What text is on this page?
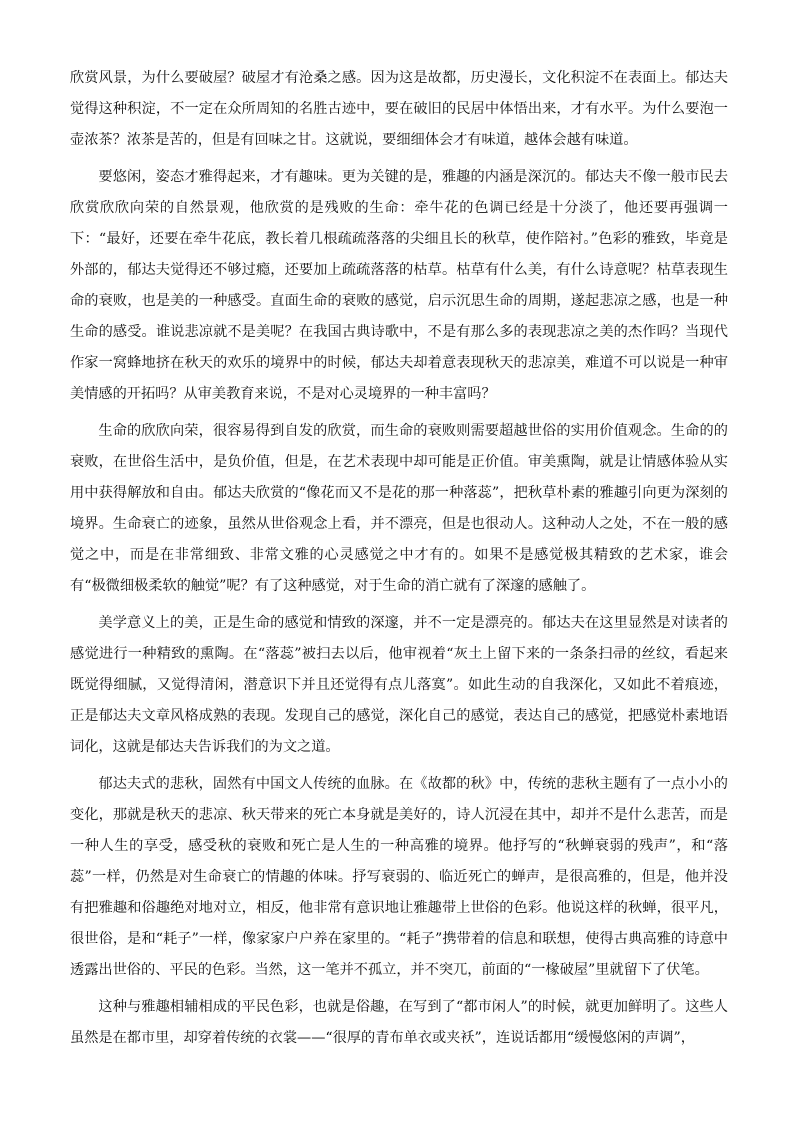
欣赏风景，为什么要破屋？破屋才有沧桑之感。因为这是故都，历史漫长，文化积淀不在表面上。郁达夫觉得这种积淀，不一定在众所周知的名胜古迹中，要在破旧的民居中体悟出来，才有水平。为什么要泡一壶浓茶？浓茶是苦的，但是有回味之甘。这就说，要细细体会才有味道，越体会越有味道。

要悠闲，姿态才雅得起来，才有趣味。更为关键的是，雅趣的内涵是深沉的。郁达夫不像一般市民去欣赏欣欣向荣的自然景观，他欣赏的是残败的生命：牵牛花的色调已经是十分淡了，他还要再强调一下：“最好，还要在牵牛花底，教长着几根疏疏落落的尖细且长的秋草，使作陪衬。”色彩的雅致，毕竟是外部的，郁达夫觉得还不够过瘾，还要加上疏疏落落的枯草。枯草有什么美，有什么诗意呢？枯草表现生命的衰败，也是美的一种感受。直面生命的衰败的感觉，启示沉思生命的周期，遂起悲凉之感，也是一种生命的感受。谁说悲凉就不是美呢？在我国古典诗歌中，不是有那么多的表现悲凉之美的杰作吗？当现代作家一窝蜂地挤在秋天的欢乐的境界中的时候，郁达夫却着意表现秋天的悲凉美，难道不可以说是一种审美情感的开拓吗？从审美教育来说，不是对心灵境界的一种丰富吗？

生命的欣欣向荣，很容易得到自发的欣赏，而生命的衰败则需要超越世俗的实用价值观念。生命的的衰败，在世俗生活中，是负价值，但是，在艺术表现中却可能是正价值。审美熏陶，就是让情感体验从实用中获得解放和自由。郁达夫欣赏的“像花而又不是花的那一种落蕊”，把秋草朴素的雅趣引向更为深刻的境界。生命衰亡的迹象，虽然从世俗观念上看，并不漂亮，但是也很动人。这种动人之处，不在一般的感觉之中，而是在非常细致、非常文雅的心灵感觉之中才有的。如果不是感觉极其精致的艺术家，谁会有“极微细极柔软的触觉”呢？有了这种感觉，对于生命的消亡就有了深邃的感触了。

美学意义上的美，正是生命的感觉和情致的深邃，并不一定是漂亮的。郁达夫在这里显然是对读者的感觉进行一种精致的熏陶。在“落蕊”被扫去以后，他审视着“灰土上留下来的一条条扫帚的丝纹，看起来既觉得细腻，又觉得清闲，潜意识下并且还觉得有点儿落寞”。如此生动的自我深化，又如此不着痕迹，正是郁达夫文章风格成熟的表现。发现自己的感觉，深化自己的感觉，表达自己的感觉，把感觉朴素地语词化，这就是郁达夫告诉我们的为文之道。

郁达夫式的悲秋，固然有中国文人传统的血脉。在《故都的秋》中，传统的悲秋主题有了一点小小的变化，那就是秋天的悲凉、秋天带来的死亡本身就是美好的，诗人沉浸在其中，却并不是什么悲苦，而是一种人生的享受，感受秋的衰败和死亡是人生的一种高雅的境界。他抒写的“秋蝉衰弱的残声”，和“落蕊”一样，仍然是对生命衰亡的情趣的体味。抒写衰弱的、临近死亡的蝉声，是很高雅的，但是，他并没有把雅趣和俗趣绝对地对立，相反，他非常有意识地让雅趣带上世俗的色彩。他说这样的秋蝉，很平凡，很世俗，是和“耗子”一样，像家家户户养在家里的。“耗子”携带着的信息和联想，使得古典高雅的诗意中透露出世俗的、平民的色彩。当然，这一笔并不孤立，并不突兀，前面的“一椽破屋”里就留下了伏笔。

这种与雅趣相辅相成的平民色彩，也就是俗趣，在写到了“都市闲人”的时候，就更加鲜明了。这些人虽然是在都市里，却穿着传统的衣裳——“很厚的青布单衣或夹袄”，连说话都用“缓慢悠闲的声调”，
